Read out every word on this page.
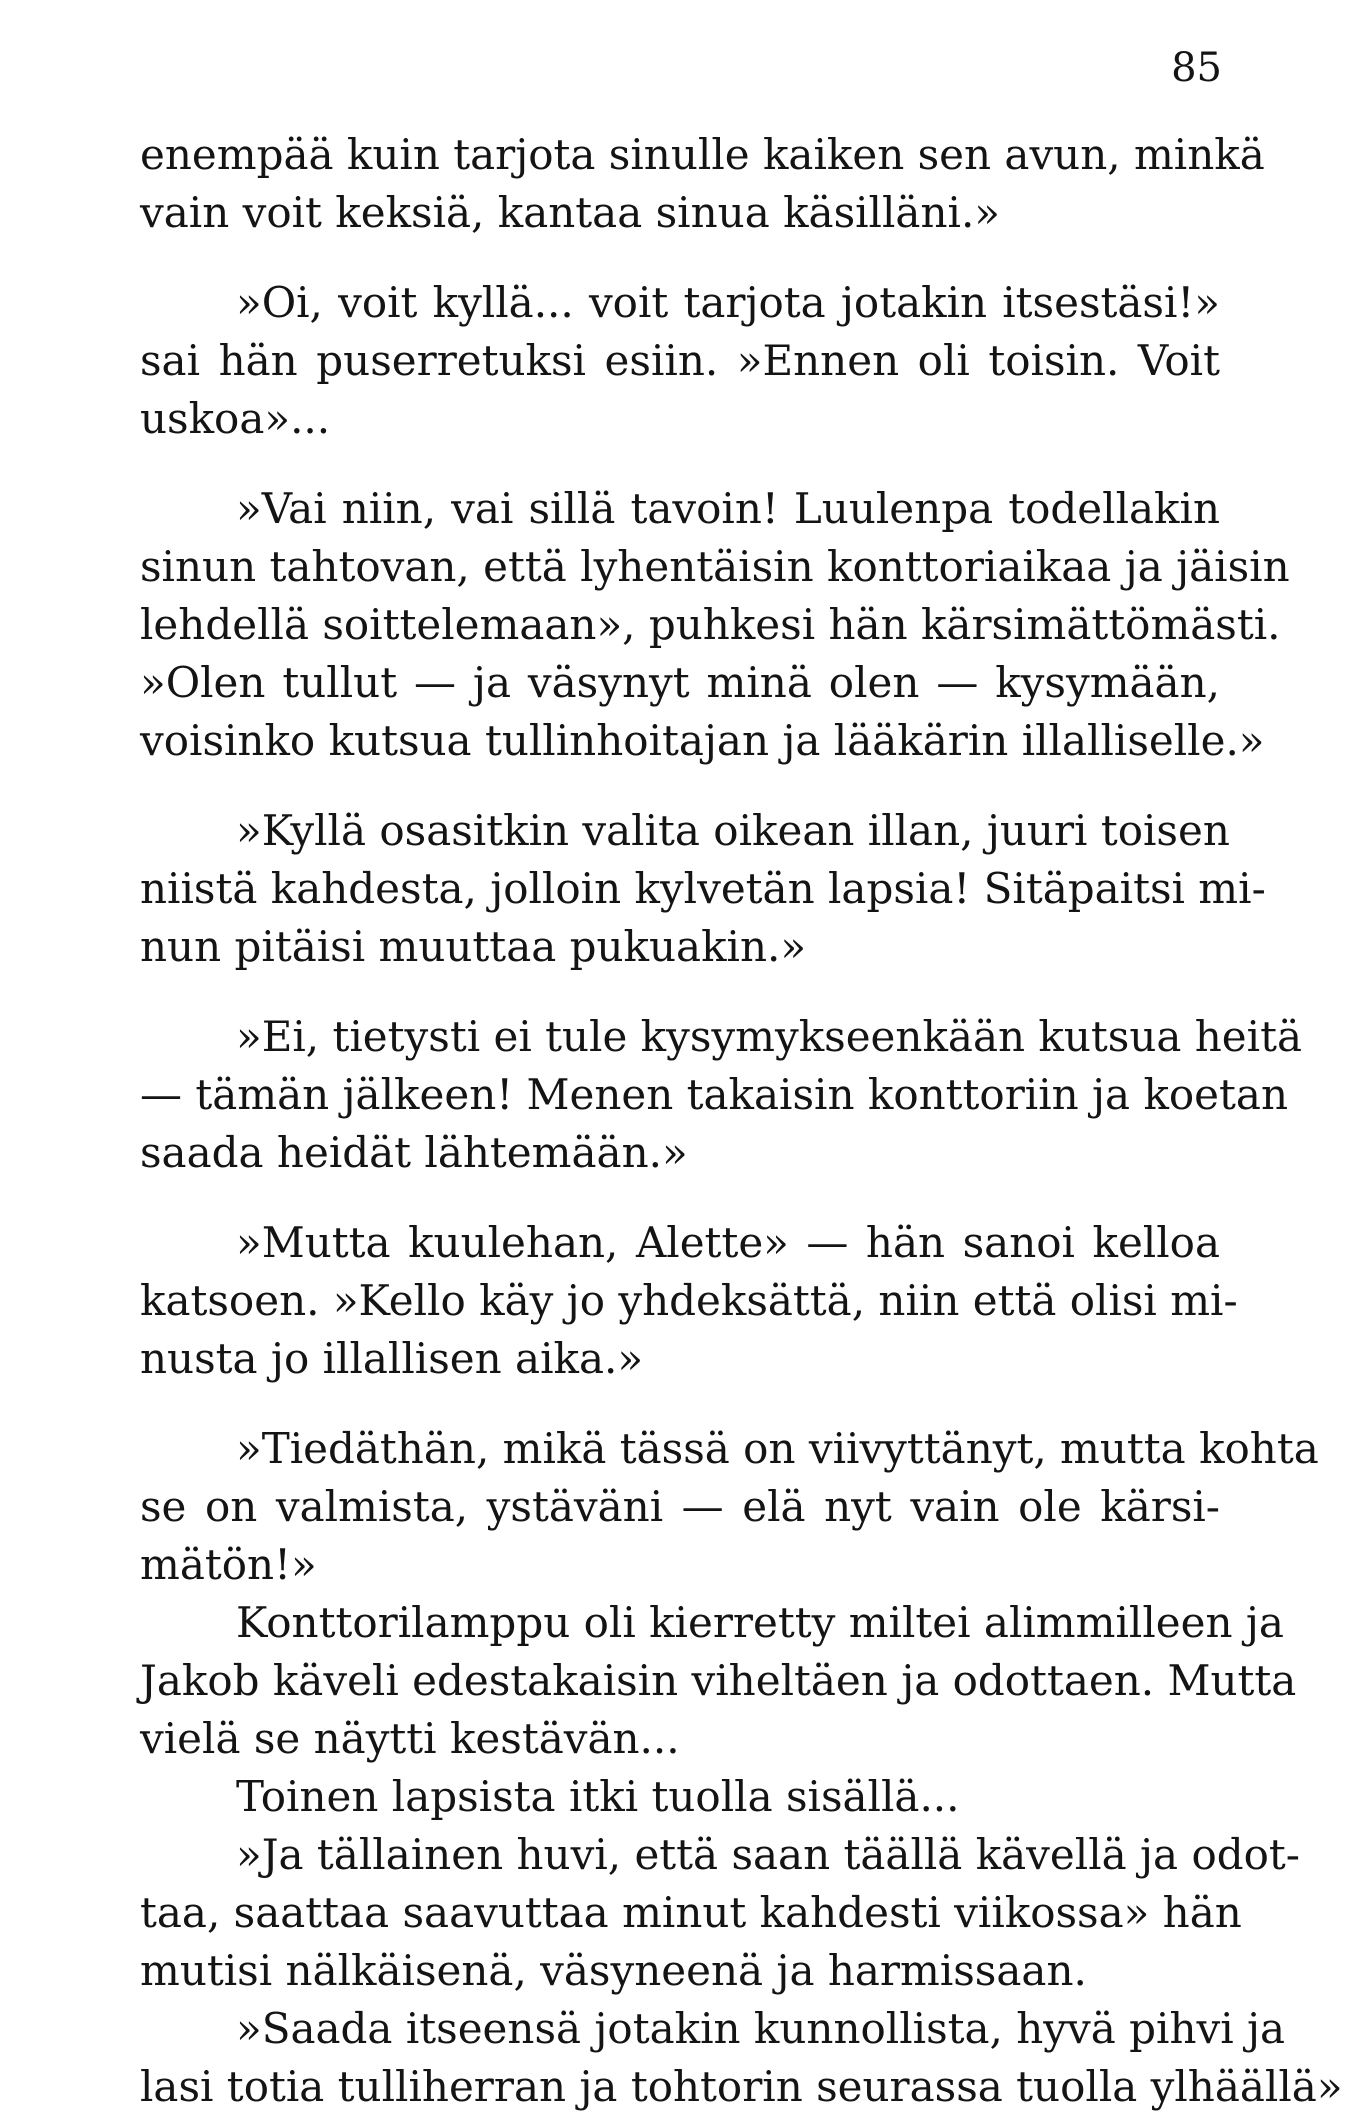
85
enempää kuin tarjota sinulle kaiken sen avun, minkä
vain voit keksiä, kantaa sinua käsilläni.»
»Oi, voit kyllä... voit tarjota jotakin itsestäsi!»
sai hän puserretuksi esiin. »Ennen oli toisin. Voit
uskoa»...
»Vai niin, vai sillä tavoin! Luulenpa todellakin
sinun tahtovan, että lyhentäisin konttoriaikaa ja jäisin
lehdellä soittelemaan», puhkesi hän kärsimättömästi.
»Olen tullut — ja väsynyt minä olen — kysymään,
voisinko kutsua tullinhoitajan ja lääkärin illalliselle.»
»Kyllä osasitkin valita oikean illan, juuri toisen
niistä kahdesta, jolloin kylvetän lapsia! Sitäpaitsi mi-
nun pitäisi muuttaa pukuakin.»
»Ei, tietysti ei tule kysymykseenkään kutsua heitä
— tämän jälkeen! Menen takaisin konttoriin ja koetan
saada heidät lähtemään.»
»Mutta kuulehan, Alette» — hän sanoi kelloa
katsoen. »Kello käy jo yhdeksättä, niin että olisi mi-
nusta jo illallisen aika.»
»Tiedäthän, mikä tässä on viivyttänyt, mutta kohta
se on valmista, ystäväni — elä nyt vain ole kärsi-
mätön!»
Konttorilamppu oli kierretty miltei alimmilleen ja
Jakob käveli edestakaisin viheltäen ja odottaen. Mutta
vielä se näytti kestävän...
Toinen lapsista itki tuolla sisällä...
»Ja tällainen huvi, että saan täällä kävellä ja odot-
taa, saattaa saavuttaa minut kahdesti viikossa» hän
mutisi nälkäisenä, väsyneenä ja harmissaan.
»Saada itseensä jotakin kunnollista, hyvä pihvi ja
lasi totia tulliherran ja tohtorin seurassa tuolla ylhäällä»
